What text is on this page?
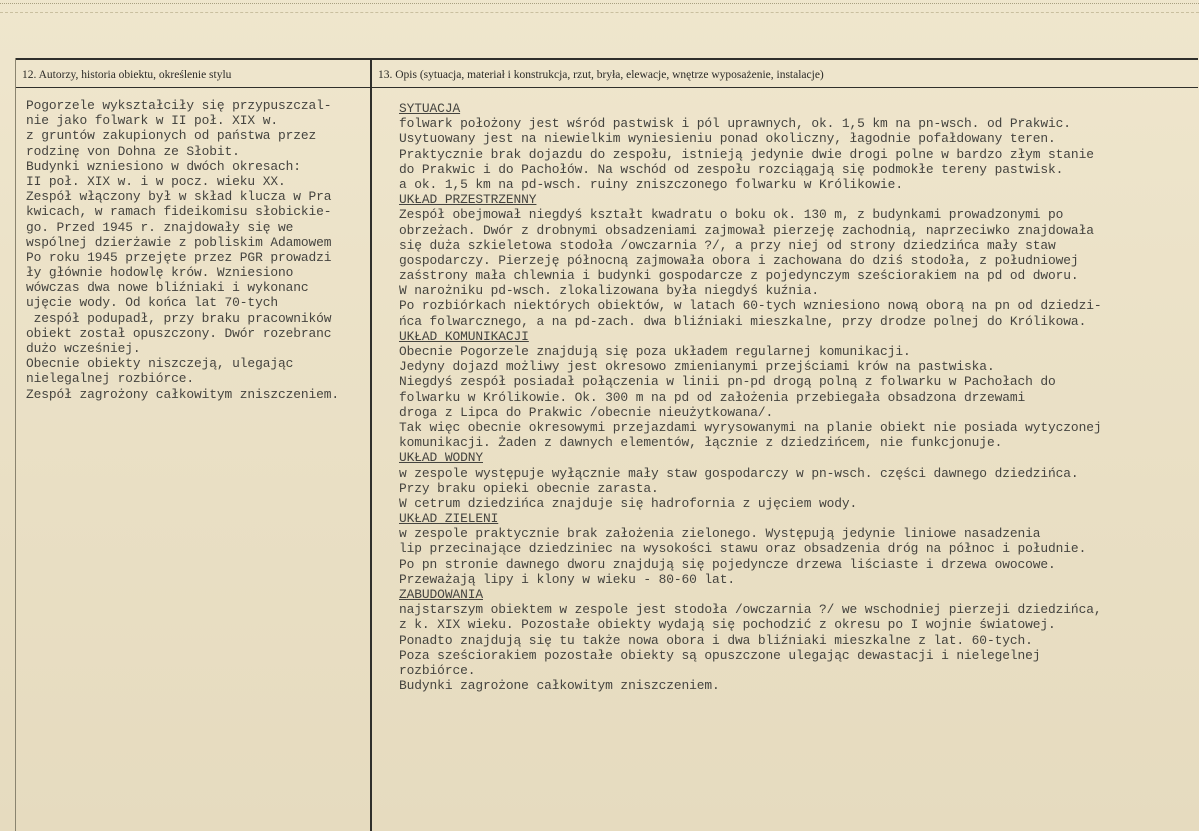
12. Autorzy, historia obiektu, określenie stylu	13. Opis (sytuacja, materiał i konstrukcja, rzut, bryła, elewacje, wnętrze wyposażenie, instalacje)
Pogorzele wykształciły się przypuszczal-
nie jako folwark w II poł. XIX w.
z gruntów zakupionych od państwa przez
rodzinę von Dohna ze Słobit.
Budynki wzniesiono w dwóch okresach:
II poł. XIX w. i w pocz. wieku XX.
Zespół włączony był w skład klucza w Pra
kwicach, w ramach fideikomisu słobickie-
go. Przed 1945 r. znajdowały się we
wspólnej dzierżawie z pobliskim Adamowem
Po roku 1945 przejęte przez PGR prowadzi
ły głównie hodowlę krów. Wzniesiono
wówczas dwa nowe bliźniaki i wykonanc
ujęcie wody. Od końca lat 70-tych
zespół podupadł, przy braku pracowników
obiekt został opuszczony. Dwór rozebranc
dużo wcześniej.
Obecnie obiekty niszczeją, ulegając
nielegalnej rozbiórce.
Zespół zagrożony całkowitym zniszczeniem.
SYTUACJA
folwark położony jest wśród pastwisk i pól uprawnych, ok. 1,5 km na pn-wsch. od Prakwic.
Usytuowany jest na niewielkim wyniesieniu ponad okoliczny, łagodnie pofałdowany teren.
Praktycznie brak dojazdu do zespołu, istnieją jedynie dwie drogi polne w bardzo złym stanie
do Prakwic i do Pachołów. Na wschód od zespołu rozciągają się podmokłe tereny pastwisk.
a ok. 1,5 km na pd-wsch. ruiny zniszczonego folwarku w Królikowie.
UKŁAD PRZESTRZENNY
Zespół obejmował niegdyś kształt kwadratu o boku ok. 130 m, z budynkami prowadzonymi po
obrzeżach. Dwór z drobnymi obsadzeniami zajmował pierzeję zachodnią, naprzeciwko znajdowała
się duża szkieletowa stodoła /owczarnia ?/, a przy niej od strony dziedzińca mały staw
gospodarczy. Pierzeję północną zajmowała obora i zachowana do dziś stodoła, z południowej
zaśstrony mała chlewnia i budynki gospodarcze z pojedynczym sześciorakiem na pd od dworu.
W narożniku pd-wsch. zlokalizowana była niegdyś kuźnia.
Po rozbiórkach niektórych obiektów, w latach 60-tych wzniesiono nową oborą na pn od dziedzi-
ńca folwarcznego, a na pd-zach. dwa bliźniaki mieszkalne, przy drodze polnej do Królikowa.
UKŁAD KOMUNIKACJI
Obecnie Pogorzele znajdują się poza układem regularnej komunikacji.
Jedyny dojazd możliwy jest okresowo zmienianymi przejściami krów na pastwiska.
Niegdyś zespół posiadał połączenia w linii pn-pd drogą polną z folwarku w Pachołach do
folwarku w Królikowie. Ok. 300 m na pd od założenia przebiegała obsadzona drzewami
droga z Lipca do Prakwic /obecnie nieużytkowana/.
Tak więc obecnie okresowymi przejazdami wyrysowanymi na planie obiekt nie posiada wytyczonej
komunikacji. Żaden z dawnych elementów, łącznie z dziedzińcem, nie funkcjonuje.
UKŁAD WODNY
w zespole występuje wyłącznie mały staw gospodarczy w pn-wsch. części dawnego dziedzińca.
Przy braku opieki obecnie zarasta.
W cetrum dziedzińca znajduje się hadrofornia z ujęciem wody.
UKŁAD ZIELENI
w zespole praktycznie brak założenia zielonego. Występują jedynie liniowe nasadzenia
lip przecinające dziedziniec na wysokości stawu oraz obsadzenia dróg na północ i południe.
Po pn stronie dawnego dworu znajdują się pojedyncze drzewa liściaste i drzewa owocowe.
Przeważają lipy i klony w wieku - 80-60 lat.
ZABUDOWANIA
najstarszym obiektem w zespole jest stodoła /owczarnia ?/ we wschodniej pierzeji dziedzińca,
z k. XIX wieku. Pozostałe obiekty wydają się pochodzić z okresu po I wojnie światowej.
Ponadto znajdują się tu także nowa obora i dwa bliźniaki mieszkalne z lat. 60-tych.
Poza sześciorakiem pozostałe obiekty są opuszczone ulegając dewastacji i nielegelnej
rozbiórce.
Budynki zagrożone całkowitym zniszczeniem.
